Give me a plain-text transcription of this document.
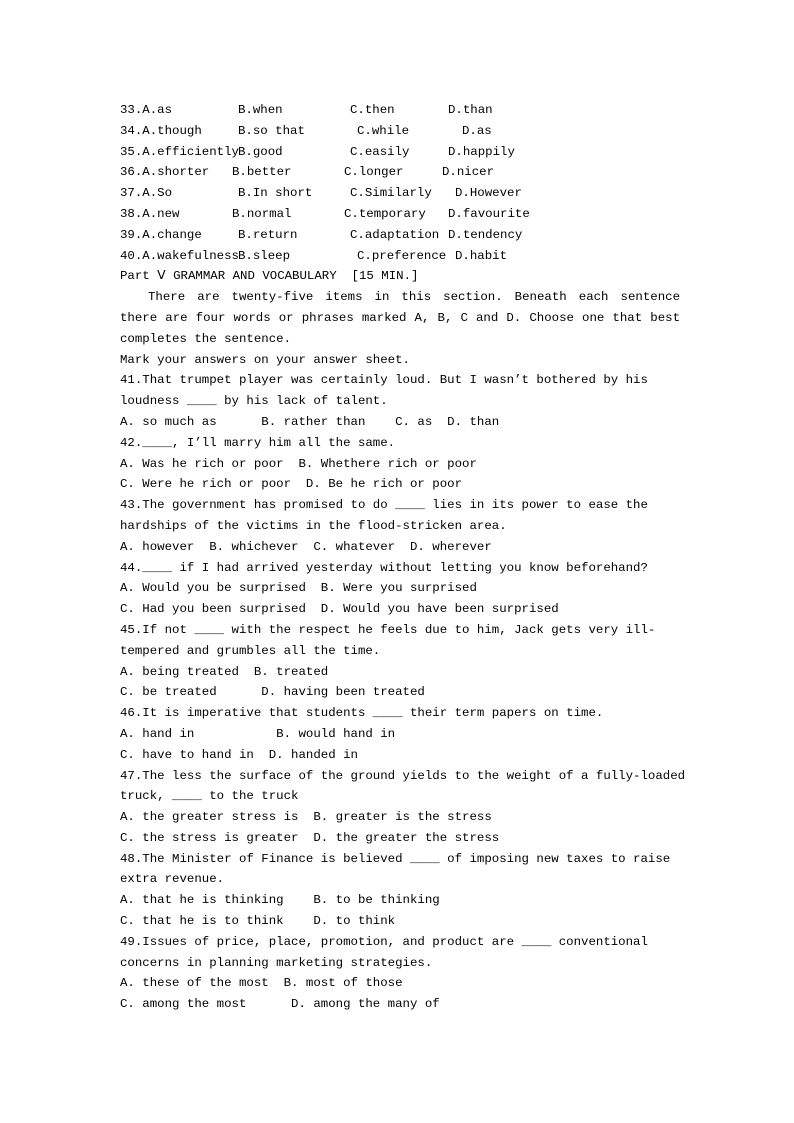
33.A.as	B.when	C.then	D.than
34.A.though	B.so that	C.while	D.as
35.A.efficiently B.good	C.easily	D.happily
36.A.shorter B.better	C.longer	D.nicer
37.A.So	B.In short	C.Similarly D.However
38.A.new	B.normal	C.temporary D.favourite
39.A.change	B.return	C.adaptation D.tendency
40.A.wakefulness B.sleep	C.preference D.habit
Part Ⅴ GRAMMAR AND VOCABULARY  [15 MIN.]
There are twenty-five items in this section. Beneath each sentence there are four words or phrases marked A, B, C and D. Choose one that best completes the sentence.
Mark your answers on your answer sheet.
41.That trumpet player was certainly loud. But I wasn’t bothered by his
loudness ____ by his lack of talent.
A. so much as      B. rather than    C. as  D. than
42.____, I’ll marry him all the same.
A. Was he rich or poor  B. Whethere rich or poor
C. Were he rich or poor  D. Be he rich or poor
43.The government has promised to do ____ lies in its power to ease the
hardships of the victims in the flood-stricken area.
A. however  B. whichever  C. whatever  D. wherever
44.____ if I had arrived yesterday without letting you know beforehand?
A. Would you be surprised  B. Were you surprised
C. Had you been surprised  D. Would you have been surprised
45.If not ____ with the respect he feels due to him, Jack gets very ill-
tempered and grumbles all the time.
A. being treated  B. treated
C. be treated      D. having been treated
46.It is imperative that students ____ their term papers on time.
A. hand in           B. would hand in
C. have to hand in  D. handed in
47.The less the surface of the ground yields to the weight of a fully-loaded
truck, ____ to the truck
A. the greater stress is  B. greater is the stress
C. the stress is greater  D. the greater the stress
48.The Minister of Finance is believed ____ of imposing new taxes to raise
extra revenue.
A. that he is thinking    B. to be thinking
C. that he is to think    D. to think
49.Issues of price, place, promotion, and product are ____ conventional
concerns in planning marketing strategies.
A. these of the most  B. most of those
C. among the most      D. among the many of
